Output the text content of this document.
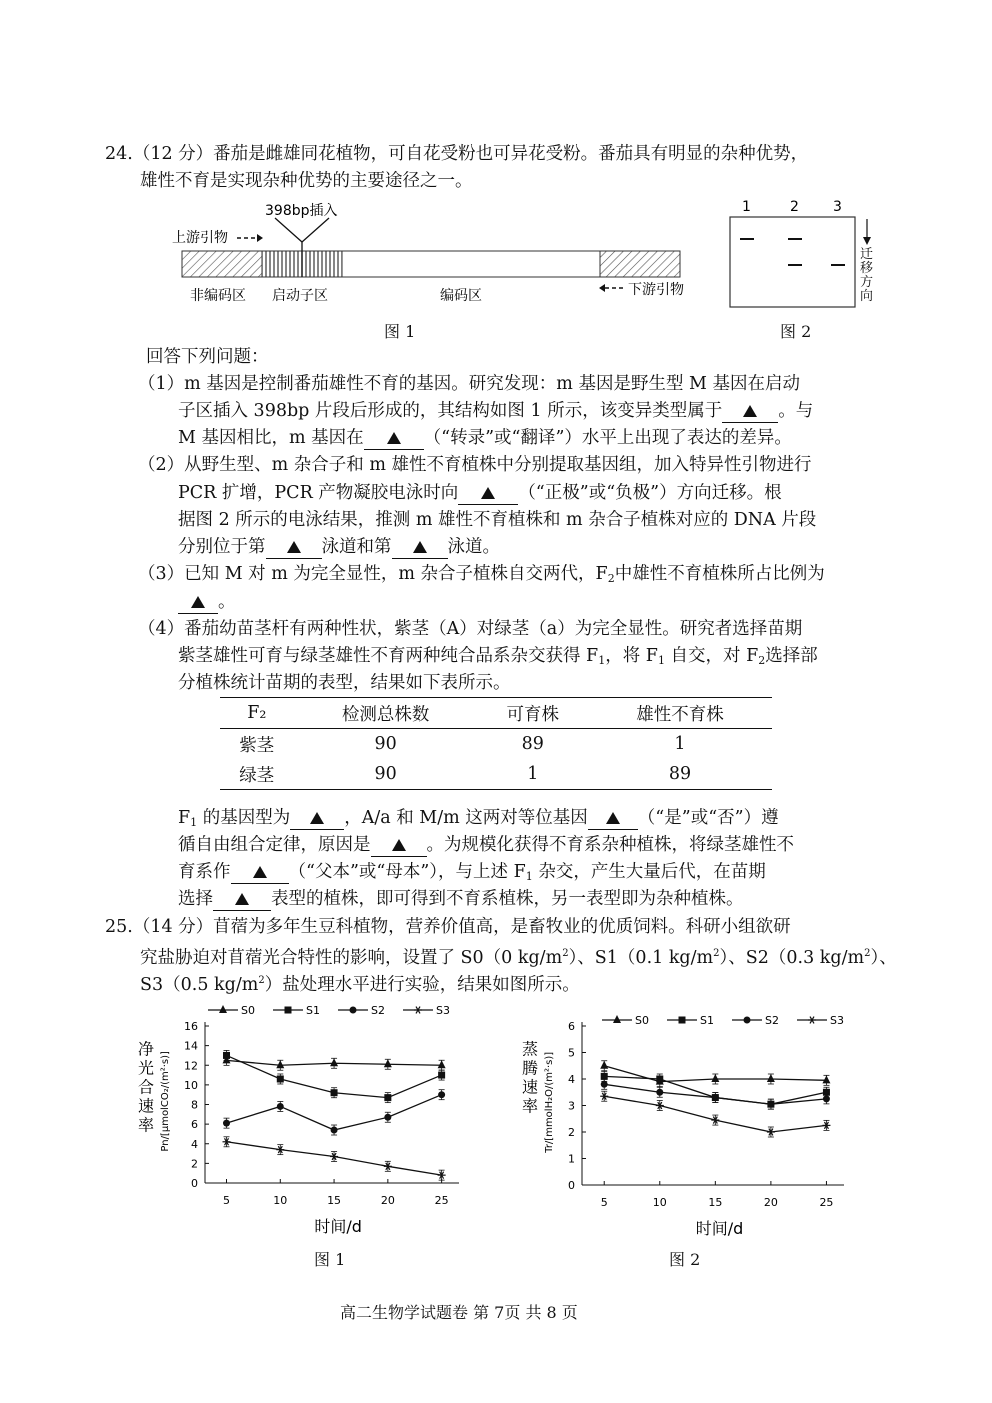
24.（12 分）番茄是雌雄同花植物，可自花受粉也可异花受粉。番茄具有明显的杂种优势，
雄性不育是实现杂种优势的主要途径之一。
398bp插入
上游引物
非编码区 启动子区	编码区	下游引物
图 1
1	2 3
迁移方向
图 2
回答下列问题：
（1）m 基因是控制番茄雄性不育的基因。研究发现：m 基因是野生型 M 基因在启动
子区插入 398bp 片段后形成的，其结构如图 1 所示，该变异类型属于	。与
M 基因相比，m 基因在	（“转录”或“翻译”）水平上出现了表达的差异。
（2）从野生型、m 杂合子和 m 雄性不育植株中分别提取基因组，加入特异性引物进行
PCR 扩增，PCR 产物凝胶电泳时向	（“正极”或“负极”）方向迁移。根
据图 2 所示的电泳结果，推测 m 雄性不育植株和 m 杂合子植株对应的 DNA 片段
分别位于第	泳道和第	泳道。
（3）已知 M 对 m 为完全显性，m 杂合子植株自交两代，$F_2$中雄性不育植株所占比例为
。
（4）番茄幼苗茎杆有两种性状，紫茎（A）对绿茎（a）为完全显性。研究者选择苗期
紫茎雄性可育与绿茎雄性不育两种纯合品系杂交获得 $F_1$，将 $F_1$ 自交，对 $F_2$选择部
分植株统计苗期的表型，结果如下表所示。
F₂	检测总株数	可育株	雄性不育株
紫茎	90	89	1
绿茎	90	1	89
$F_1$ 的基因型为	，A/a 和 M/m 这两对等位基因	（“是”或“否”）遵
循自由组合定律，原因是	。为规模化获得不育系杂种植株，将绿茎雄性不
育系作	（“父本”或“母本”），与上述 $F_1$ 杂交，产生大量后代，在苗期
选择	表型的植株，即可得到不育系植株，另一表型即为杂种植株。
25.（14 分）苜蓿为多年生豆科植物，营养价值高，是畜牧业的优质饲料。科研小组欲研
究盐胁迫对苜蓿光合特性的影响，设置了 S0（0 $kg/m^2$）、S1（0.1 $kg/m^2$）、S2（0.3 $kg/m^2$）、
S3（0.5 $kg/m^2$）盐处理水平进行实验，结果如图所示。
S0	S1	S2	S3
0
2
4
6
8
10
12
14
16
5	10	15	20	25
时间/d
净
光
合
速
率 Pn/[μmolCO₂/(m²·s)]
S0	S1	S2	S3
0
1
2
3
4
5
6
5	10	15	20	25
时间/d
蒸
腾
速
率 Tr/[mmolH₂O/(m²·s)]
图 1	图 2
高二生物学试题卷 第 7页 共 8 页
